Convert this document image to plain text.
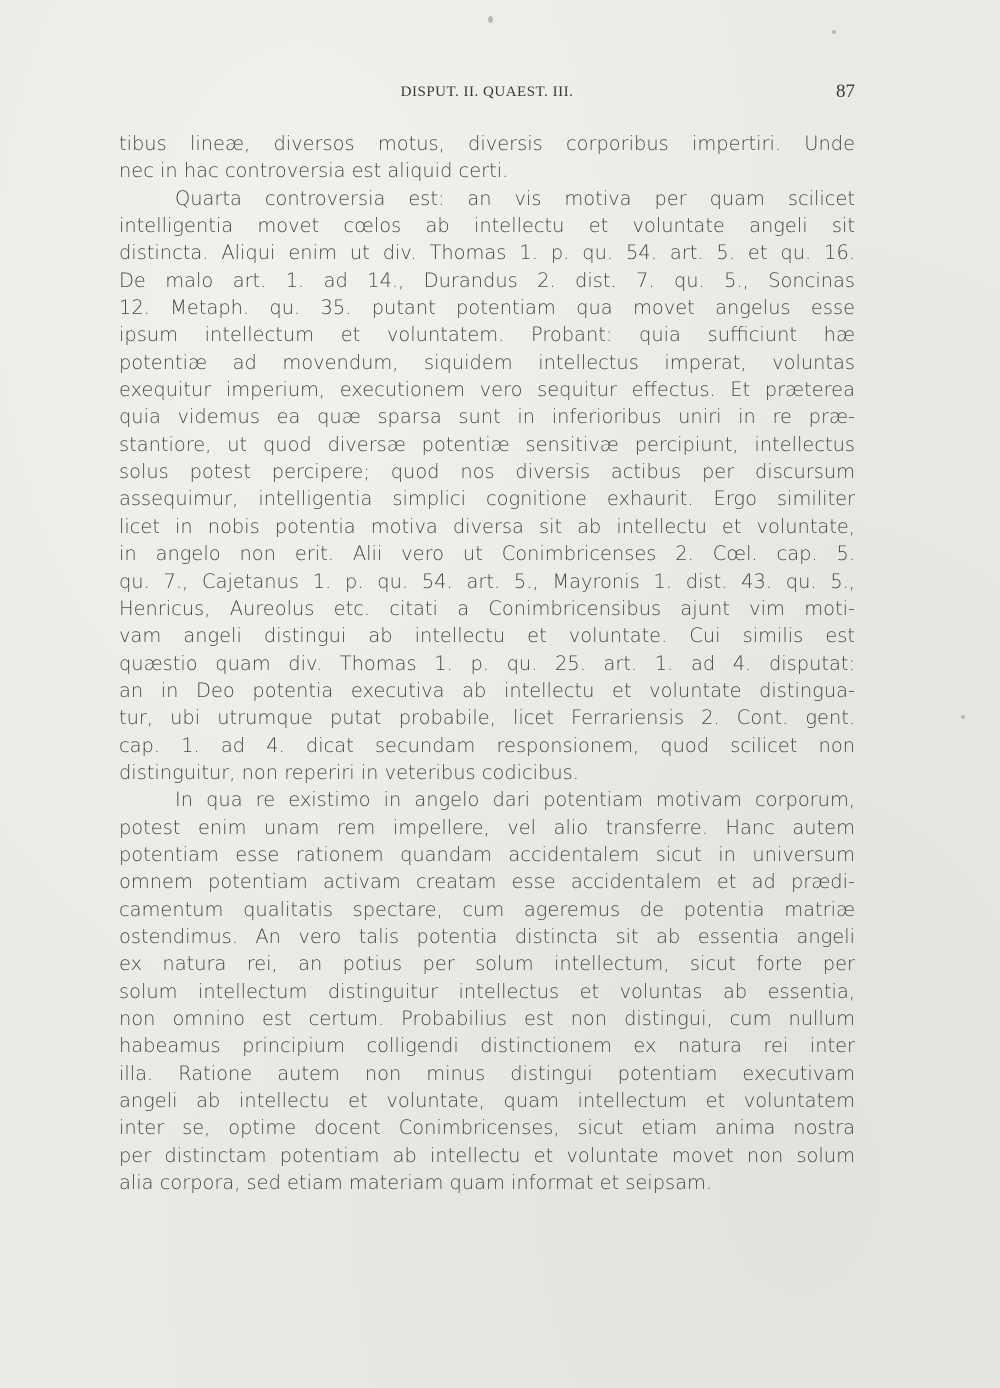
DISPUT. II. QUAEST. III.	87
tibus lineæ, diversos motus, diversis corporibus impertiri. Unde
nec in hac controversia est aliquid certi.
Quarta controversia est: an vis motiva per quam scilicet
intelligentia movet cœlos ab intellectu et voluntate angeli sit
distincta. Aliqui enim ut div. Thomas 1. p. qu. 54. art. 5. et qu. 16.
De malo art. 1. ad 14., Durandus 2. dist. 7. qu. 5., Soncinas
12. Metaph. qu. 35. putant potentiam qua movet angelus esse
ipsum intellectum et voluntatem. Probant: quia sufficiunt hæ
potentiæ ad movendum, siquidem intellectus imperat, voluntas
exequitur imperium, executionem vero sequitur effectus. Et præterea
quia videmus ea quæ sparsa sunt in inferioribus uniri in re præ-
stantiore, ut quod diversæ potentiæ sensitivæ percipiunt, intellectus
solus potest percipere; quod nos diversis actibus per discursum
assequimur, intelligentia simplici cognitione exhaurit. Ergo similiter
licet in nobis potentia motiva diversa sit ab intellectu et voluntate,
in angelo non erit. Alii vero ut Conimbricenses 2. Cœl. cap. 5.
qu. 7., Cajetanus 1. p. qu. 54. art. 5., Mayronis 1. dist. 43. qu. 5.,
Henricus, Aureolus etc. citati a Conimbricensibus ajunt vim moti-
vam angeli distingui ab intellectu et voluntate. Cui similis est
quæstio quam div. Thomas 1. p. qu. 25. art. 1. ad 4. disputat:
an in Deo potentia executiva ab intellectu et voluntate distingua-
tur, ubi utrumque putat probabile, licet Ferrariensis 2. Cont. gent.
cap. 1. ad 4. dicat secundam responsionem, quod scilicet non
distinguitur, non reperiri in veteribus codicibus.
In qua re existimo in angelo dari potentiam motivam corporum,
potest enim unam rem impellere, vel alio transferre. Hanc autem
potentiam esse rationem quandam accidentalem sicut in universum
omnem potentiam activam creatam esse accidentalem et ad prædi-
camentum qualitatis spectare, cum ageremus de potentia matriæ
ostendimus. An vero talis potentia distincta sit ab essentia angeli
ex natura rei, an potius per solum intellectum, sicut forte per
solum intellectum distinguitur intellectus et voluntas ab essentia,
non omnino est certum. Probabilius est non distingui, cum nullum
habeamus principium colligendi distinctionem ex natura rei inter
illa. Ratione autem non minus distingui potentiam executivam
angeli ab intellectu et voluntate, quam intellectum et voluntatem
inter se, optime docent Conimbricenses, sicut etiam anima nostra
per distinctam potentiam ab intellectu et voluntate movet non solum
alia corpora, sed etiam materiam quam informat et seipsam.
